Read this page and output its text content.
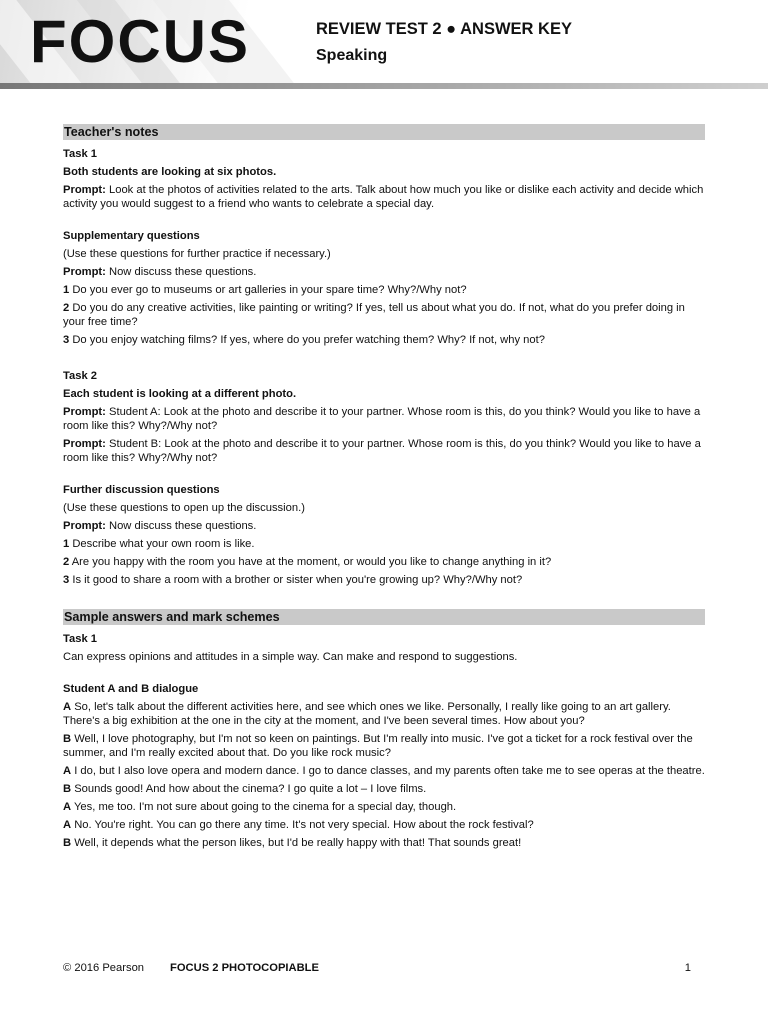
FOCUS	REVIEW TEST 2 ● ANSWER KEY
Speaking
Teacher's notes
Task 1
Both students are looking at six photos.
Prompt: Look at the photos of activities related to the arts. Talk about how much you like or dislike each activity and decide which activity you would suggest to a friend who wants to celebrate a special day.
Supplementary questions
(Use these questions for further practice if necessary.)
Prompt: Now discuss these questions.
1 Do you ever go to museums or art galleries in your spare time? Why?/Why not?
2 Do you do any creative activities, like painting or writing? If yes, tell us about what you do. If not, what do you prefer doing in your free time?
3 Do you enjoy watching films? If yes, where do you prefer watching them? Why? If not, why not?
Task 2
Each student is looking at a different photo.
Prompt: Student A: Look at the photo and describe it to your partner. Whose room is this, do you think? Would you like to have a room like this? Why?/Why not?
Prompt: Student B: Look at the photo and describe it to your partner. Whose room is this, do you think? Would you like to have a room like this? Why?/Why not?
Further discussion questions
(Use these questions to open up the discussion.)
Prompt: Now discuss these questions.
1 Describe what your own room is like.
2 Are you happy with the room you have at the moment, or would you like to change anything in it?
3 Is it good to share a room with a brother or sister when you're growing up? Why?/Why not?
Sample answers and mark schemes
Task 1
Can express opinions and attitudes in a simple way. Can make and respond to suggestions.
Student A and B dialogue
A So, let's talk about the different activities here, and see which ones we like. Personally, I really like going to an art gallery. There's a big exhibition at the one in the city at the moment, and I've been several times. How about you?
B Well, I love photography, but I'm not so keen on paintings. But I'm really into music. I've got a ticket for a rock festival over the summer, and I'm really excited about that. Do you like rock music?
A I do, but I also love opera and modern dance. I go to dance classes, and my parents often take me to see operas at the theatre.
B Sounds good! And how about the cinema? I go quite a lot – I love films.
A Yes, me too. I'm not sure about going to the cinema for a special day, though.
A No. You're right. You can go there any time. It's not very special. How about the rock festival?
B Well, it depends what the person likes, but I'd be really happy with that! That sounds great!
© 2016 Pearson FOCUS 2 PHOTOCOPIABLE	1
